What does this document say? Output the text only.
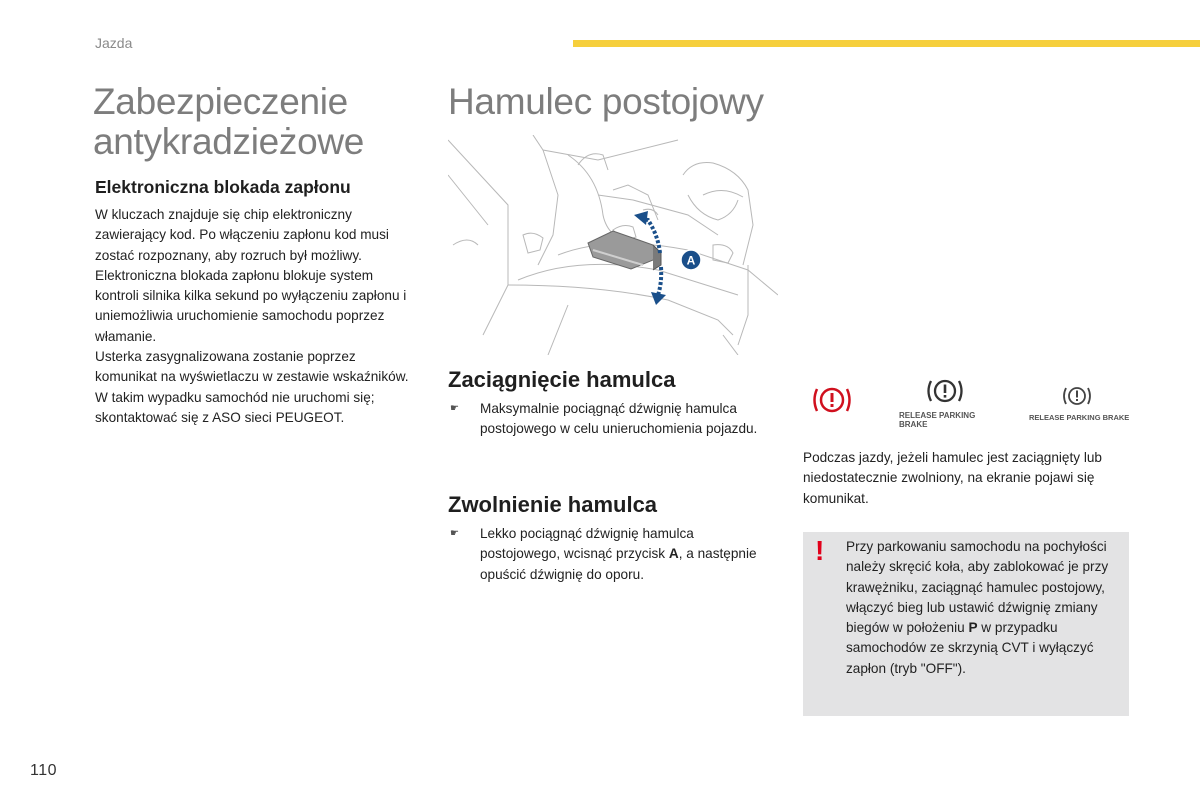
Jazda
Zabezpieczenie antykradzieżowe
Elektroniczna blokada zapłonu

W kluczach znajduje się chip elektroniczny zawierający kod. Po włączeniu zapłonu kod musi zostać rozpoznany, aby rozruch był możliwy.

Elektroniczna blokada zapłonu blokuje system kontroli silnika kilka sekund po wyłączeniu zapłonu i uniemożliwia uruchomienie samochodu poprzez włamanie.

Usterka zasygnalizowana zostanie poprzez komunikat na wyświetlaczu w zestawie wskaźników.

W takim wypadku samochód nie uruchomi się; skontaktować się z ASO sieci PEUGEOT.

Hamulec postojowy
A
Zaciągnięcie hamulca
☛ Maksymalnie pociągnąć dźwignię hamulca postojowego w celu unieruchomienia pojazdu.
Zwolnienie hamulca
☛ Lekko pociągnąć dźwignię hamulca postojowego, wcisnąć przycisk A, a następnie opuścić dźwignię do oporu.
RELEASE PARKING
BRAKE
RELEASE PARKING BRAKE

Podczas jazdy, jeżeli hamulec jest zaciągnięty lub niedostatecznie zwolniony, na ekranie pojawi się komunikat.

! Przy parkowaniu samochodu na pochyłości należy skręcić koła, aby zablokować je przy krawężniku, zaciągnąć hamulec postojowy, włączyć bieg lub ustawić dźwignię zmiany biegów w położeniu P w przypadku samochodów ze skrzynią CVT i wyłączyć zapłon (tryb "OFF").

110
